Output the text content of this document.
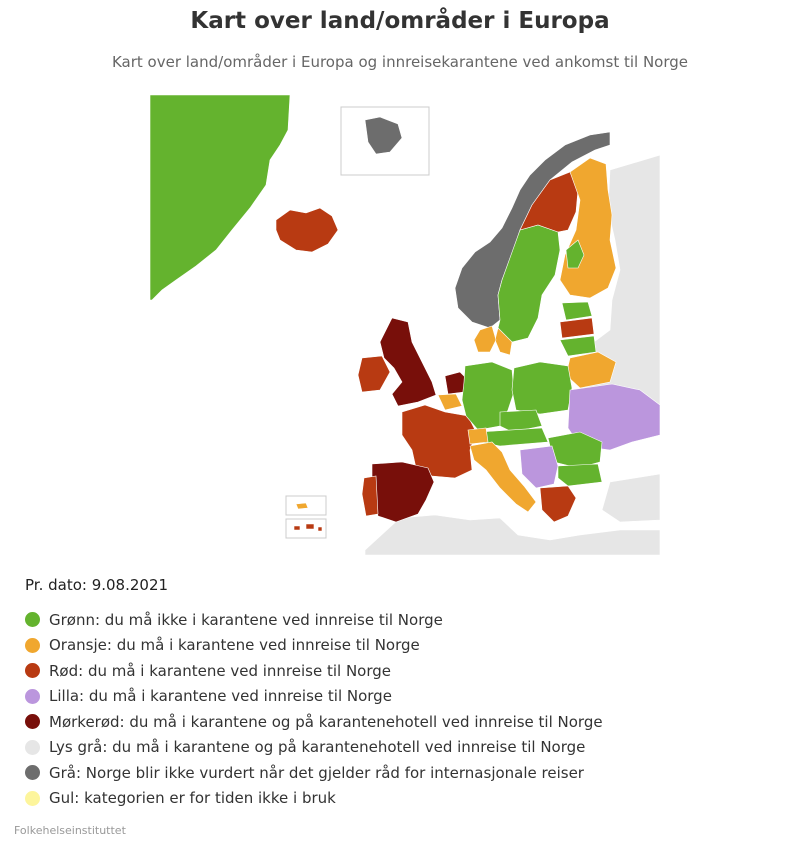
Kart over land/områder i Europa

Kart over land/områder i Europa og innreisekarantene ved ankomst til Norge

Pr. dato: 9.08.2021
Grønn: du må ikke i karantene ved innreise til Norge
Oransje: du må i karantene ved innreise til Norge
Rød: du må i karantene ved innreise til Norge
Lilla: du må i karantene ved innreise til Norge
Mørkerød: du må i karantene og på karantenehotell ved innreise til Norge
Lys grå: du må i karantene og på karantenehotell ved innreise til Norge
Grå: Norge blir ikke vurdert når det gjelder råd for internasjonale reiser
Gul: kategorien er for tiden ikke i bruk
Folkehelseinstituttet
